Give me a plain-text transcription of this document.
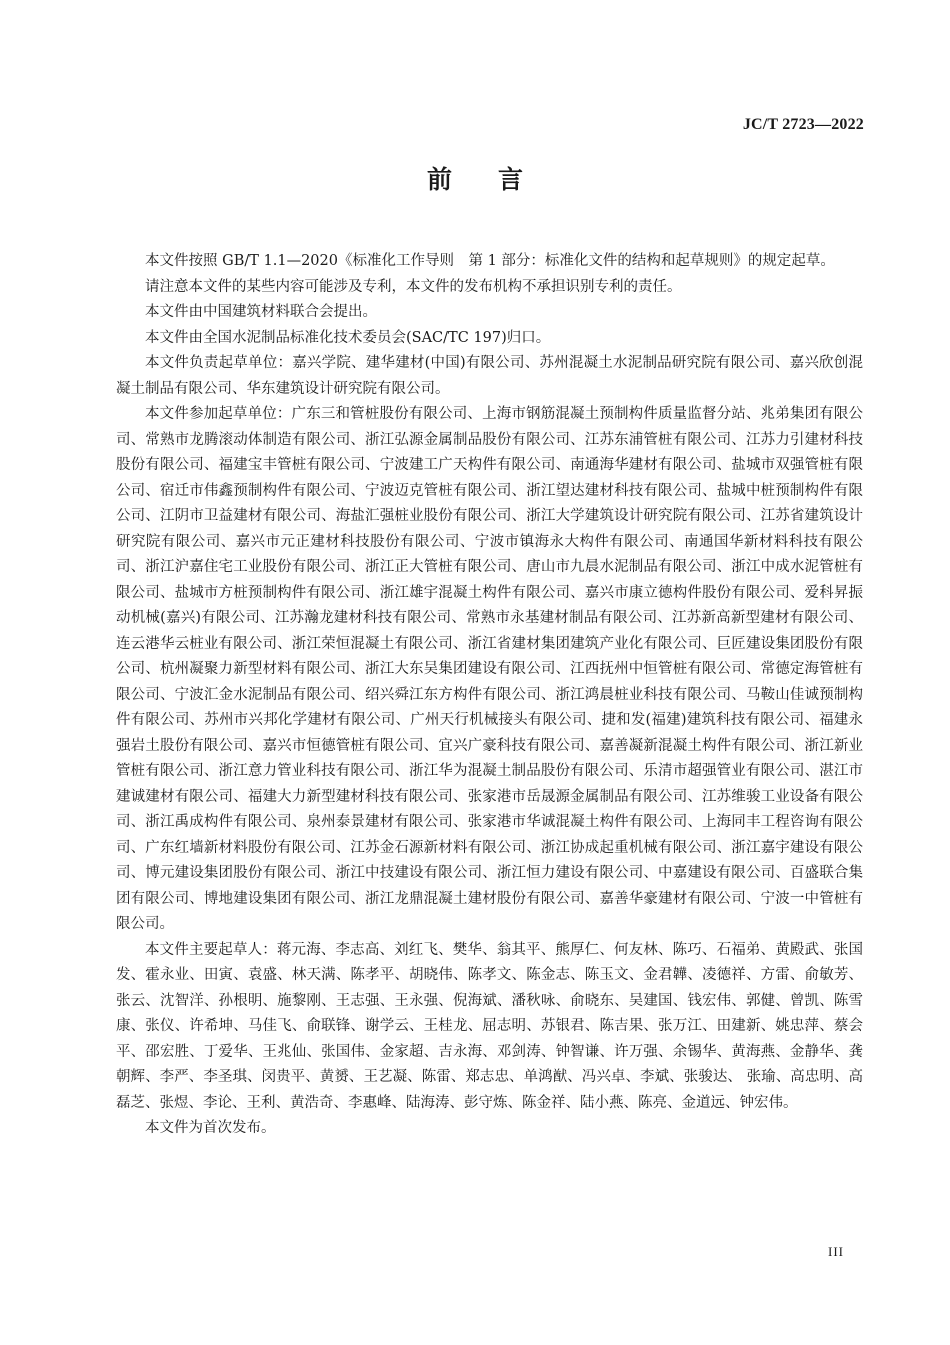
JC/T 2723—2022
前言

本文件按照 GB/T 1.1—2020《标准化工作导则　第 1 部分：标准化文件的结构和起草规则》的规定起草。

请注意本文件的某些内容可能涉及专利，本文件的发布机构不承担识别专利的责任。

本文件由中国建筑材料联合会提出。

本文件由全国水泥制品标准化技术委员会(SAC/TC 197)归口。

本文件负责起草单位：嘉兴学院、建华建材(中国)有限公司、苏州混凝土水泥制品研究院有限公司、嘉兴欣创混凝土制品有限公司、华东建筑设计研究院有限公司。

本文件参加起草单位：广东三和管桩股份有限公司、上海市钢筋混凝土预制构件质量监督分站、兆弟集团有限公司、常熟市龙腾滚动体制造有限公司、浙江弘源金属制品股份有限公司、江苏东浦管桩有限公司、江苏力引建材科技股份有限公司、福建宝丰管桩有限公司、宁波建工广天构件有限公司、南通海华建材有限公司、盐城市双强管桩有限公司、宿迁市伟鑫预制构件有限公司、宁波迈克管桩有限公司、浙江望达建材科技有限公司、盐城中桩预制构件有限公司、江阴市卫益建材有限公司、海盐汇强桩业股份有限公司、浙江大学建筑设计研究院有限公司、江苏省建筑设计研究院有限公司、嘉兴市元正建材科技股份有限公司、宁波市镇海永大构件有限公司、南通国华新材料科技有限公司、浙江沪嘉住宅工业股份有限公司、浙江正大管桩有限公司、唐山市九晨水泥制品有限公司、浙江中成水泥管桩有限公司、盐城市方桩预制构件有限公司、浙江雄宇混凝土构件有限公司、嘉兴市康立德构件股份有限公司、爱科昇振动机械(嘉兴)有限公司、江苏瀚龙建材科技有限公司、常熟市永基建材制品有限公司、江苏新高新型建材有限公司、连云港华云桩业有限公司、浙江荣恒混凝土有限公司、浙江省建材集团建筑产业化有限公司、巨匠建设集团股份有限公司、杭州凝聚力新型材料有限公司、浙江大东吴集团建设有限公司、江西抚州中恒管桩有限公司、常德定海管桩有限公司、宁波汇金水泥制品有限公司、绍兴舜江东方构件有限公司、浙江鸿晨桩业科技有限公司、马鞍山佳诚预制构件有限公司、苏州市兴邦化学建材有限公司、广州天行机械接头有限公司、捷和发(福建)建筑科技有限公司、福建永强岩土股份有限公司、嘉兴市恒德管桩有限公司、宜兴广豪科技有限公司、嘉善凝新混凝土构件有限公司、浙江新业管桩有限公司、浙江意力管业科技有限公司、浙江华为混凝土制品股份有限公司、乐清市超强管业有限公司、湛江市建诚建材有限公司、福建大力新型建材科技有限公司、张家港市岳晟源金属制品有限公司、江苏维骏工业设备有限公司、浙江禹成构件有限公司、泉州泰景建材有限公司、张家港市华诚混凝土构件有限公司、上海同丰工程咨询有限公司、广东红墙新材料股份有限公司、江苏金石源新材料有限公司、浙江协成起重机械有限公司、浙江嘉宇建设有限公司、博元建设集团股份有限公司、浙江中技建设有限公司、浙江恒力建设有限公司、中嘉建设有限公司、百盛联合集团有限公司、博地建设集团有限公司、浙江龙鼎混凝土建材股份有限公司、嘉善华豪建材有限公司、宁波一中管桩有限公司。

本文件主要起草人：蒋元海、李志高、刘红飞、樊华、翁其平、熊厚仁、何友林、陈巧、石福弟、黄殿武、张国发、霍永业、田寅、袁盛、林天满、陈孝平、胡晓伟、陈孝文、陈金志、陈玉文、金君韡、凌德祥、方雷、俞敏芳、张云、沈智洋、孙根明、施黎刚、王志强、王永强、倪海斌、潘秋咏、俞晓东、吴建国、钱宏伟、郭健、曾凯、陈雪康、张仪、许希坤、马佳飞、俞联锋、谢学云、王桂龙、屈志明、苏银君、陈吉果、张万江、田建新、姚忠萍、蔡会平、邵宏胜、丁爱华、王兆仙、张国伟、金家超、吉永海、邓剑涛、钟智谦、许万强、余锡华、黄海燕、金静华、龚朝辉、李严、李圣琪、闵贵平、黄赟、王艺凝、陈雷、郑志忠、单鸿猷、冯兴卓、李斌、张骏达、 张瑜、高忠明、高磊芝、张煜、李论、王利、黄浩奇、李惠峰、陆海涛、彭守炼、陈金祥、陆小燕、陈亮、金道远、钟宏伟。

本文件为首次发布。

III
